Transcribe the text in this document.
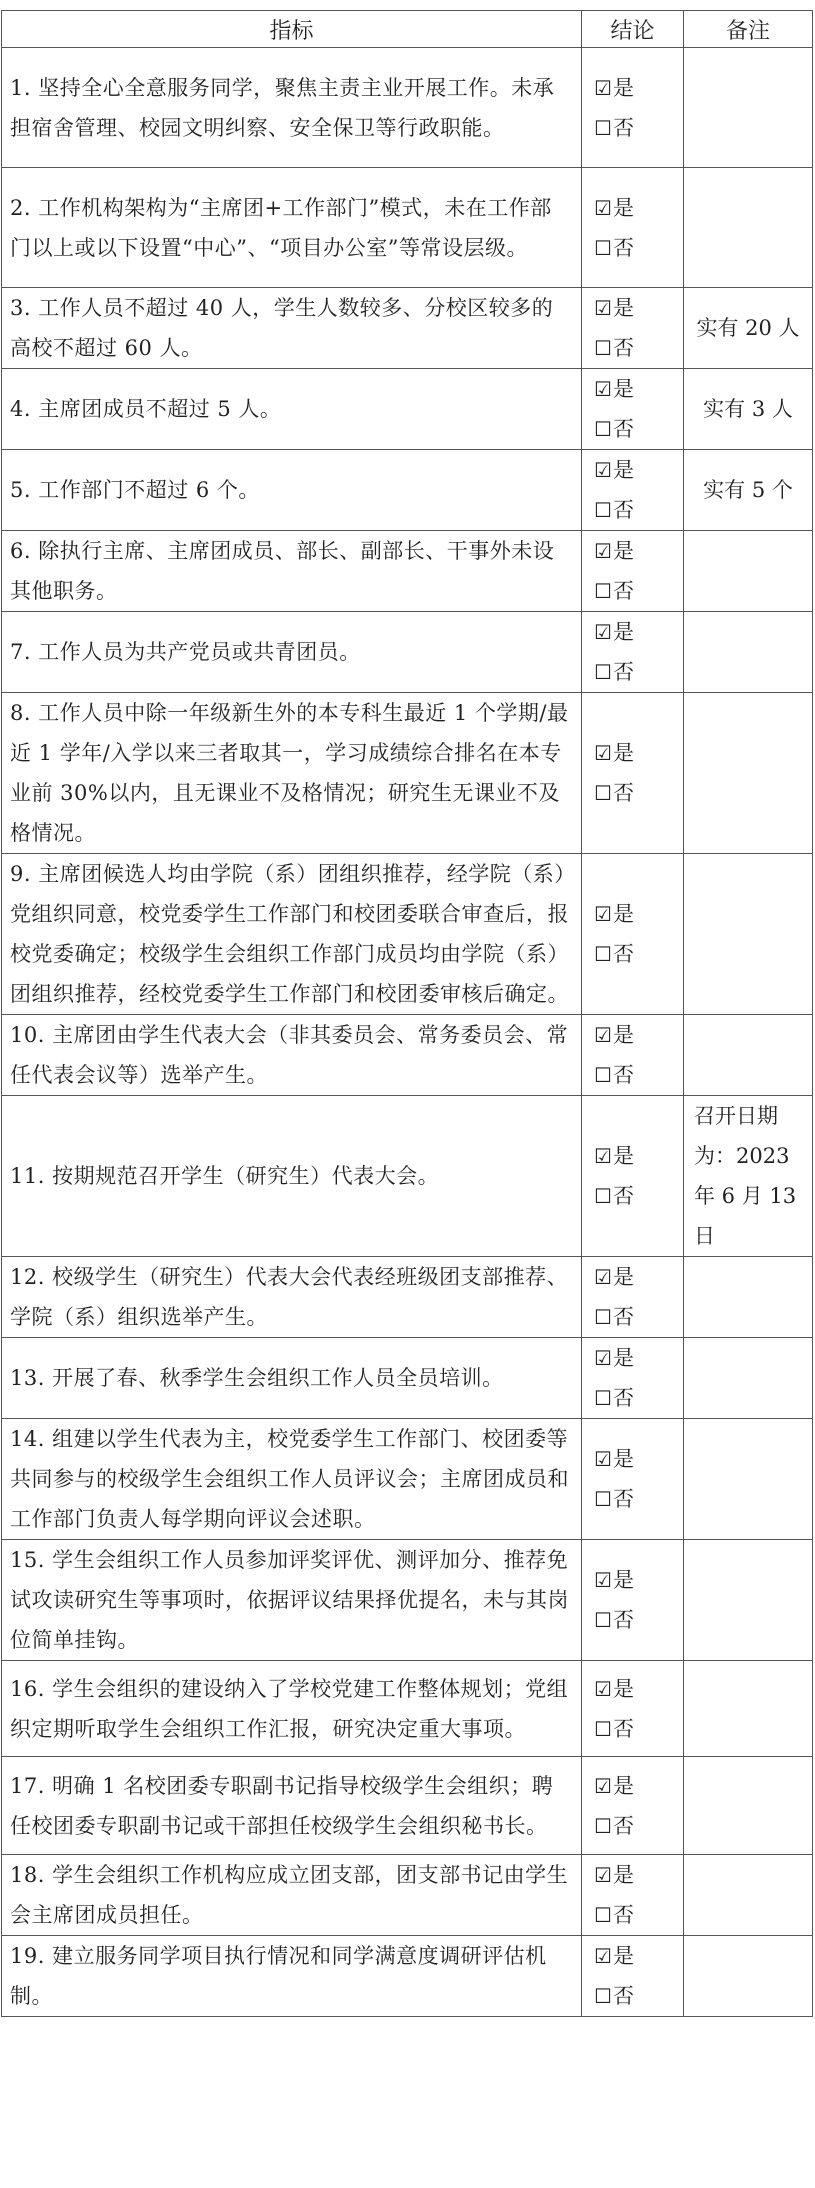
指标	结论	备注
1. 坚持全心全意服务同学，聚焦主责主业开展工作。未承担宿舍管理、校园文明纠察、安全保卫等行政职能。	☑是
☐否	

2. 工作机构架构为“主席团+工作部门”模式，未在工作部门以上或以下设置“中心”、“项目办公室”等常设层级。	☑是
☐否	

3. 工作人员不超过 40 人，学生人数较多、分校区较多的高校不超过 60 人。	☑是
☐否	实有 20 人
4. 主席团成员不超过 5 人。	☑是
☐否	实有 3 人
5. 工作部门不超过 6 个。	☑是
☐否	实有 5 个
6. 除执行主席、主席团成员、部长、副部长、干事外未设其他职务。	☑是
☐否	

7. 工作人员为共产党员或共青团员。	☑是
☐否	

8. 工作人员中除一年级新生外的本专科生最近 1 个学期/最近 1 学年/入学以来三者取其一，学习成绩综合排名在本专业前 30%以内，且无课业不及格情况；研究生无课业不及格情况。	☑是
☐否	

9. 主席团候选人均由学院（系）团组织推荐，经学院（系）党组织同意，校党委学生工作部门和校团委联合审查后，报校党委确定；校级学生会组织工作部门成员均由学院（系）团组织推荐，经校党委学生工作部门和校团委审核后确定。	☑是
☐否	

10. 主席团由学生代表大会（非其委员会、常务委员会、常任代表会议等）选举产生。	☑是
☐否	

11. 按期规范召开学生（研究生）代表大会。	☑是
☐否	召开日期为：2023 年 6 月 13 日
12. 校级学生（研究生）代表大会代表经班级团支部推荐、学院（系）组织选举产生。	☑是
☐否	

13. 开展了春、秋季学生会组织工作人员全员培训。	☑是
☐否	

14. 组建以学生代表为主，校党委学生工作部门、校团委等共同参与的校级学生会组织工作人员评议会；主席团成员和工作部门负责人每学期向评议会述职。	☑是
☐否	

15. 学生会组织工作人员参加评奖评优、测评加分、推荐免试攻读研究生等事项时，依据评议结果择优提名，未与其岗位简单挂钩。	☑是
☐否	

16. 学生会组织的建设纳入了学校党建工作整体规划；党组织定期听取学生会组织工作汇报，研究决定重大事项。	☑是
☐否	

17. 明确 1 名校团委专职副书记指导校级学生会组织；聘任校团委专职副书记或干部担任校级学生会组织秘书长。	☑是
☐否	

18. 学生会组织工作机构应成立团支部，团支部书记由学生会主席团成员担任。	☑是
☐否	

19. 建立服务同学项目执行情况和同学满意度调研评估机制。	☑是
☐否	
